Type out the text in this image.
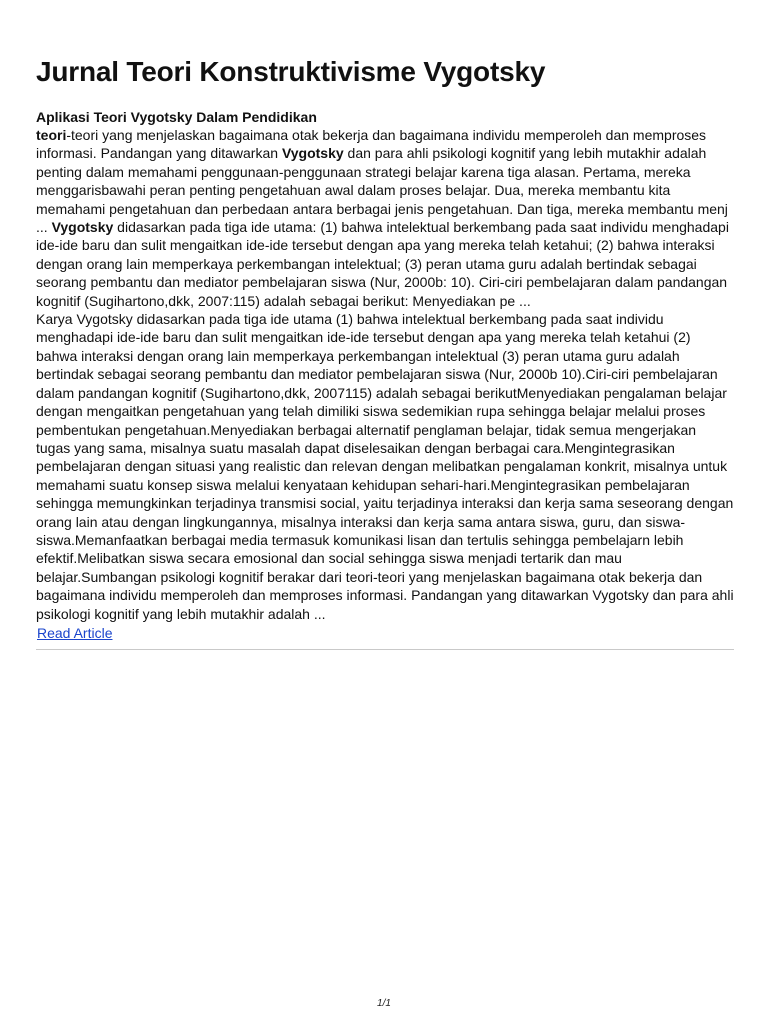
Jurnal Teori Konstruktivisme Vygotsky
Aplikasi Teori Vygotsky Dalam Pendidikan

teori-teori yang menjelaskan bagaimana otak bekerja dan bagaimana individu memperoleh dan memproses informasi. Pandangan yang ditawarkan Vygotsky dan para ahli psikologi kognitif yang lebih mutakhir adalah penting dalam memahami penggunaan-penggunaan strategi belajar karena tiga alasan. Pertama, mereka menggarisbawahi peran penting pengetahuan awal dalam proses belajar. Dua, mereka membantu kita memahami pengetahuan dan perbedaan antara berbagai jenis pengetahuan. Dan tiga, mereka membantu menj ... Vygotsky didasarkan pada tiga ide utama: (1) bahwa intelektual berkembang pada saat individu menghadapi ide-ide baru dan sulit mengaitkan ide-ide tersebut dengan apa yang mereka telah ketahui; (2) bahwa interaksi dengan orang lain memperkaya perkembangan intelektual; (3) peran utama guru adalah bertindak sebagai seorang pembantu dan mediator pembelajaran siswa (Nur, 2000b: 10). Ciri-ciri pembelajaran dalam pandangan kognitif (Sugihartono,dkk, 2007:115) adalah sebagai berikut: Menyediakan pe ...

Karya Vygotsky didasarkan pada tiga ide utama (1) bahwa intelektual berkembang pada saat individu menghadapi ide-ide baru dan sulit mengaitkan ide-ide tersebut dengan apa yang mereka telah ketahui (2) bahwa interaksi dengan orang lain memperkaya perkembangan intelektual (3) peran utama guru adalah bertindak sebagai seorang pembantu dan mediator pembelajaran siswa (Nur, 2000b 10).Ciri-ciri pembelajaran dalam pandangan kognitif (Sugihartono,dkk, 2007115) adalah sebagai berikutMenyediakan pengalaman belajar dengan mengaitkan pengetahuan yang telah dimiliki siswa sedemikian rupa sehingga belajar melalui proses pembentukan pengetahuan.Menyediakan berbagai alternatif penglaman belajar, tidak semua mengerjakan tugas yang sama, misalnya suatu masalah dapat diselesaikan dengan berbagai cara.Mengintegrasikan pembelajaran dengan situasi yang realistic dan relevan dengan melibatkan pengalaman konkrit, misalnya untuk memahami suatu konsep siswa melalui kenyataan kehidupan sehari-hari.Mengintegrasikan pembelajaran sehingga memungkinkan terjadinya transmisi social, yaitu terjadinya interaksi dan kerja sama seseorang dengan orang lain atau dengan lingkungannya, misalnya interaksi dan kerja sama antara siswa, guru, dan siswa-siswa.Memanfaatkan berbagai media termasuk komunikasi lisan dan tertulis sehingga pembelajarn lebih efektif.Melibatkan siswa secara emosional dan social sehingga siswa menjadi tertarik dan mau belajar.Sumbangan psikologi kognitif berakar dari teori-teori yang menjelaskan bagaimana otak bekerja dan bagaimana individu memperoleh dan memproses informasi. Pandangan yang ditawarkan Vygotsky dan para ahli psikologi kognitif yang lebih mutakhir adalah ...

Read Article
1/1
